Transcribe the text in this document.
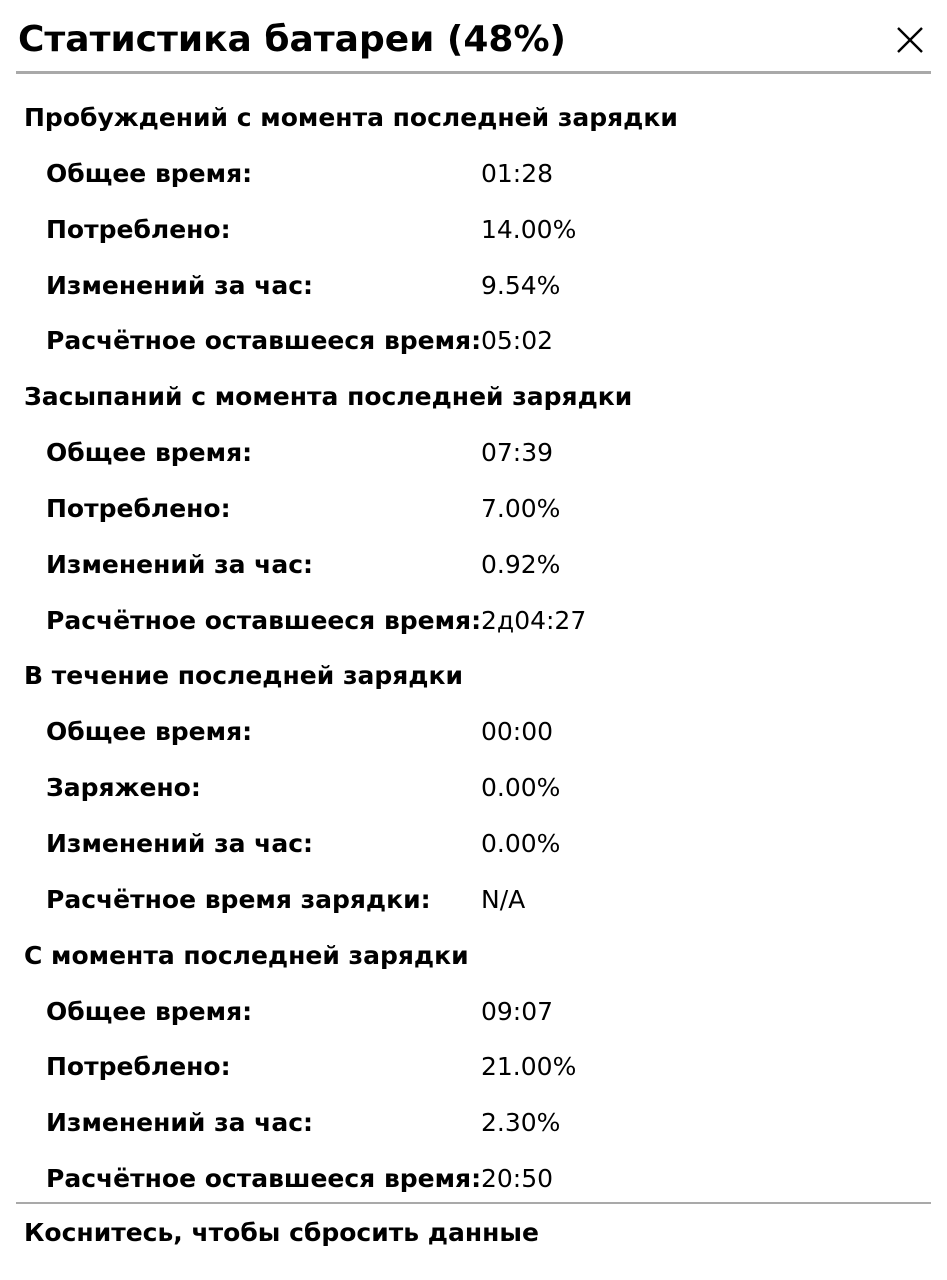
Статистика батареи (48%)
Пробуждений с момента последней зарядки
Общее время:	01:28
Потреблено:	14.00%
Изменений за час:	9.54%
Расчётное оставшееся время: 05:02
Засыпаний с момента последней зарядки
Общее время:	07:39
Потреблено:	7.00%
Изменений за час:	0.92%
Расчётное оставшееся время: 2д04:27
В течение последней зарядки
Общее время:	00:00
Заряжено:	0.00%
Изменений за час:	0.00%
Расчётное время зарядки: N/A
С момента последней зарядки
Общее время:	09:07
Потреблено:	21.00%
Изменений за час:	2.30%
Расчётное оставшееся время: 20:50
Коснитесь, чтобы сбросить данные
